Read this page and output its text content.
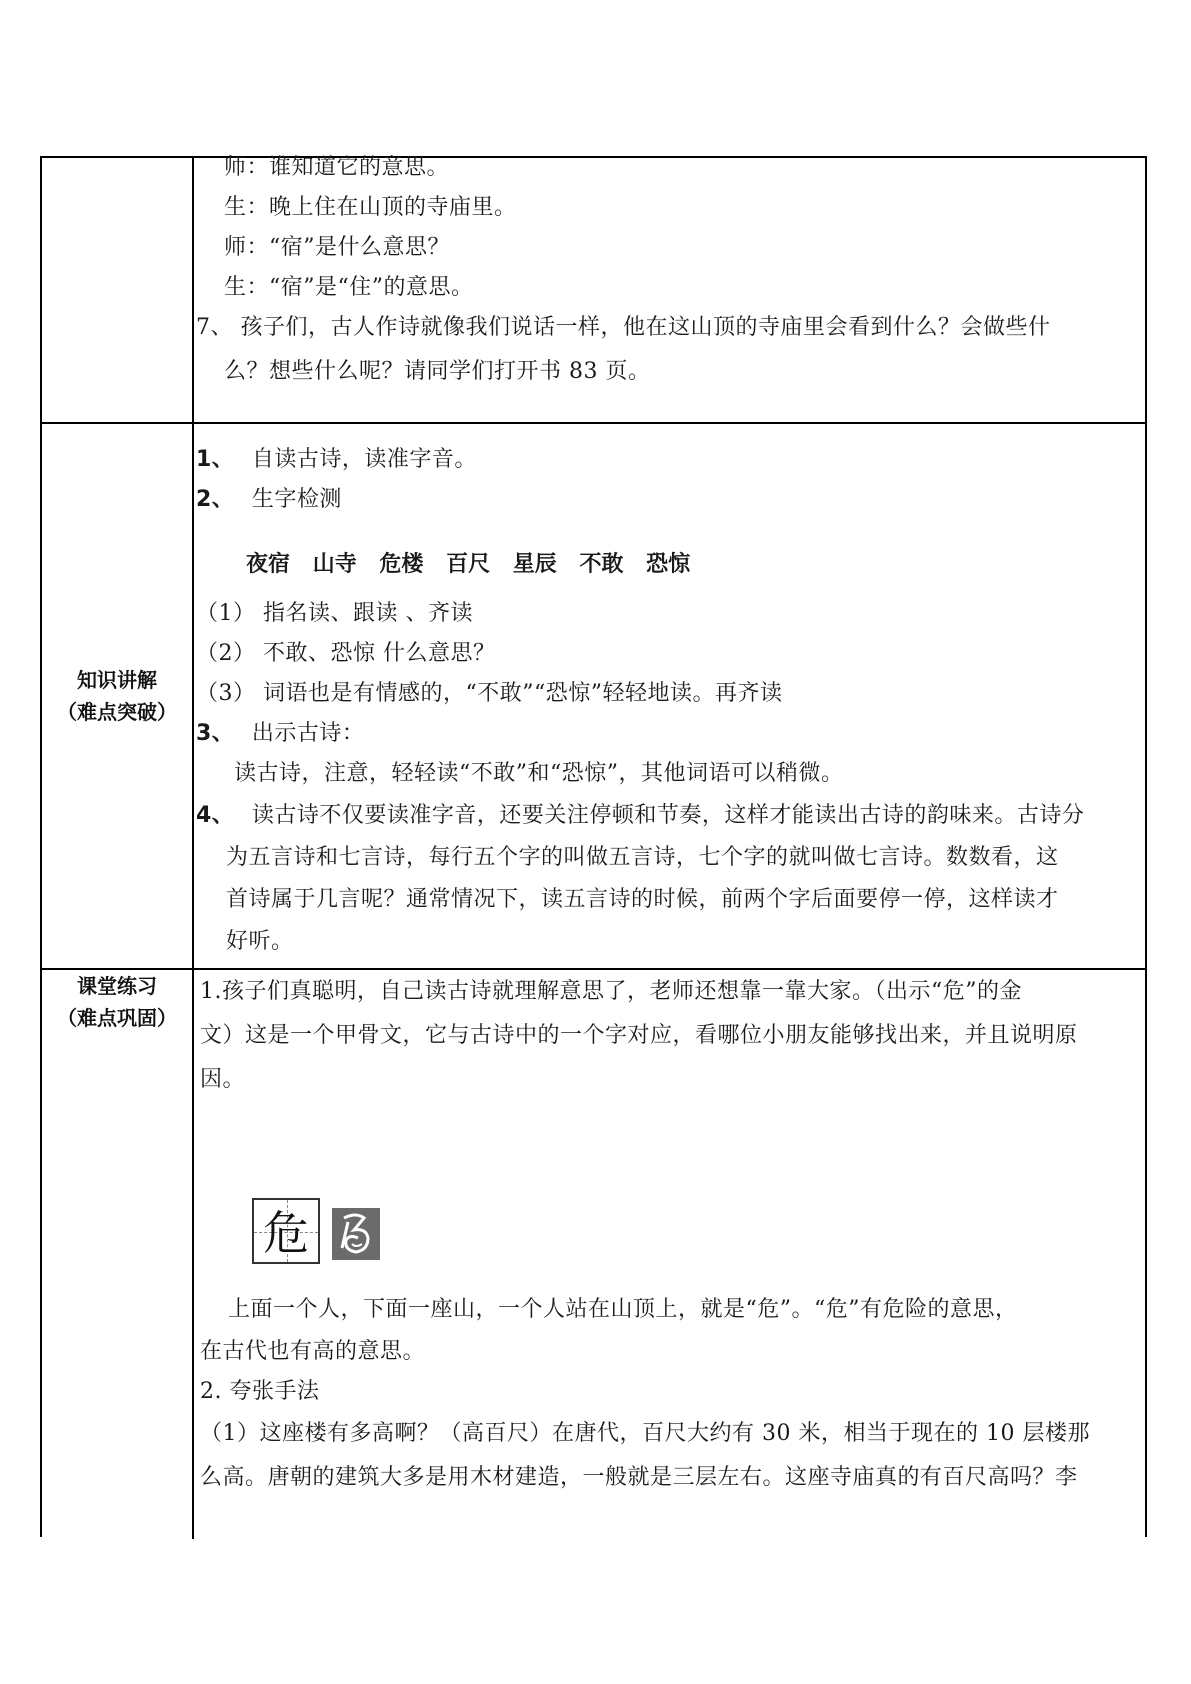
师：谁知道它的意思。
生：晚上住在山顶的寺庙里。
师：“宿”是什么意思？
生：“宿”是“住”的意思。
7、 孩子们，古人作诗就像我们说话一样，他在这山顶的寺庙里会看到什么？会做些什
么？想些什么呢？请同学们打开书 83 页。
知识讲解
（难点突破）
1、 自读古诗，读准字音。
2、 生字检测
夜宿 山寺 危楼 百尺 星辰 不敢 恐惊
（1） 指名读、跟读 、齐读
（2） 不敢、恐惊 什么意思？
（3） 词语也是有情感的，“不敢”“恐惊”轻轻地读。再齐读
3、 出示古诗：
读古诗，注意，轻轻读“不敢”和“恐惊”，其他词语可以稍微。
4、 读古诗不仅要读准字音，还要关注停顿和节奏，这样才能读出古诗的韵味来。古诗分
为五言诗和七言诗，每行五个字的叫做五言诗，七个字的就叫做七言诗。数数看，这
首诗属于几言呢？通常情况下，读五言诗的时候，前两个字后面要停一停，这样读才
好听。
课堂练习
（难点巩固）
1.孩子们真聪明，自己读古诗就理解意思了，老师还想靠一靠大家。（出示“危”的金
文）这是一个甲骨文，它与古诗中的一个字对应，看哪位小朋友能够找出来，并且说明原
因。
危
上面一个人，下面一座山，一个人站在山顶上，就是“危”。“危”有危险的意思，
在古代也有高的意思。
2. 夸张手法
（1）这座楼有多高啊？（高百尺）在唐代，百尺大约有 30 米，相当于现在的 10 层楼那
么高。唐朝的建筑大多是用木材建造，一般就是三层左右。这座寺庙真的有百尺高吗？李
